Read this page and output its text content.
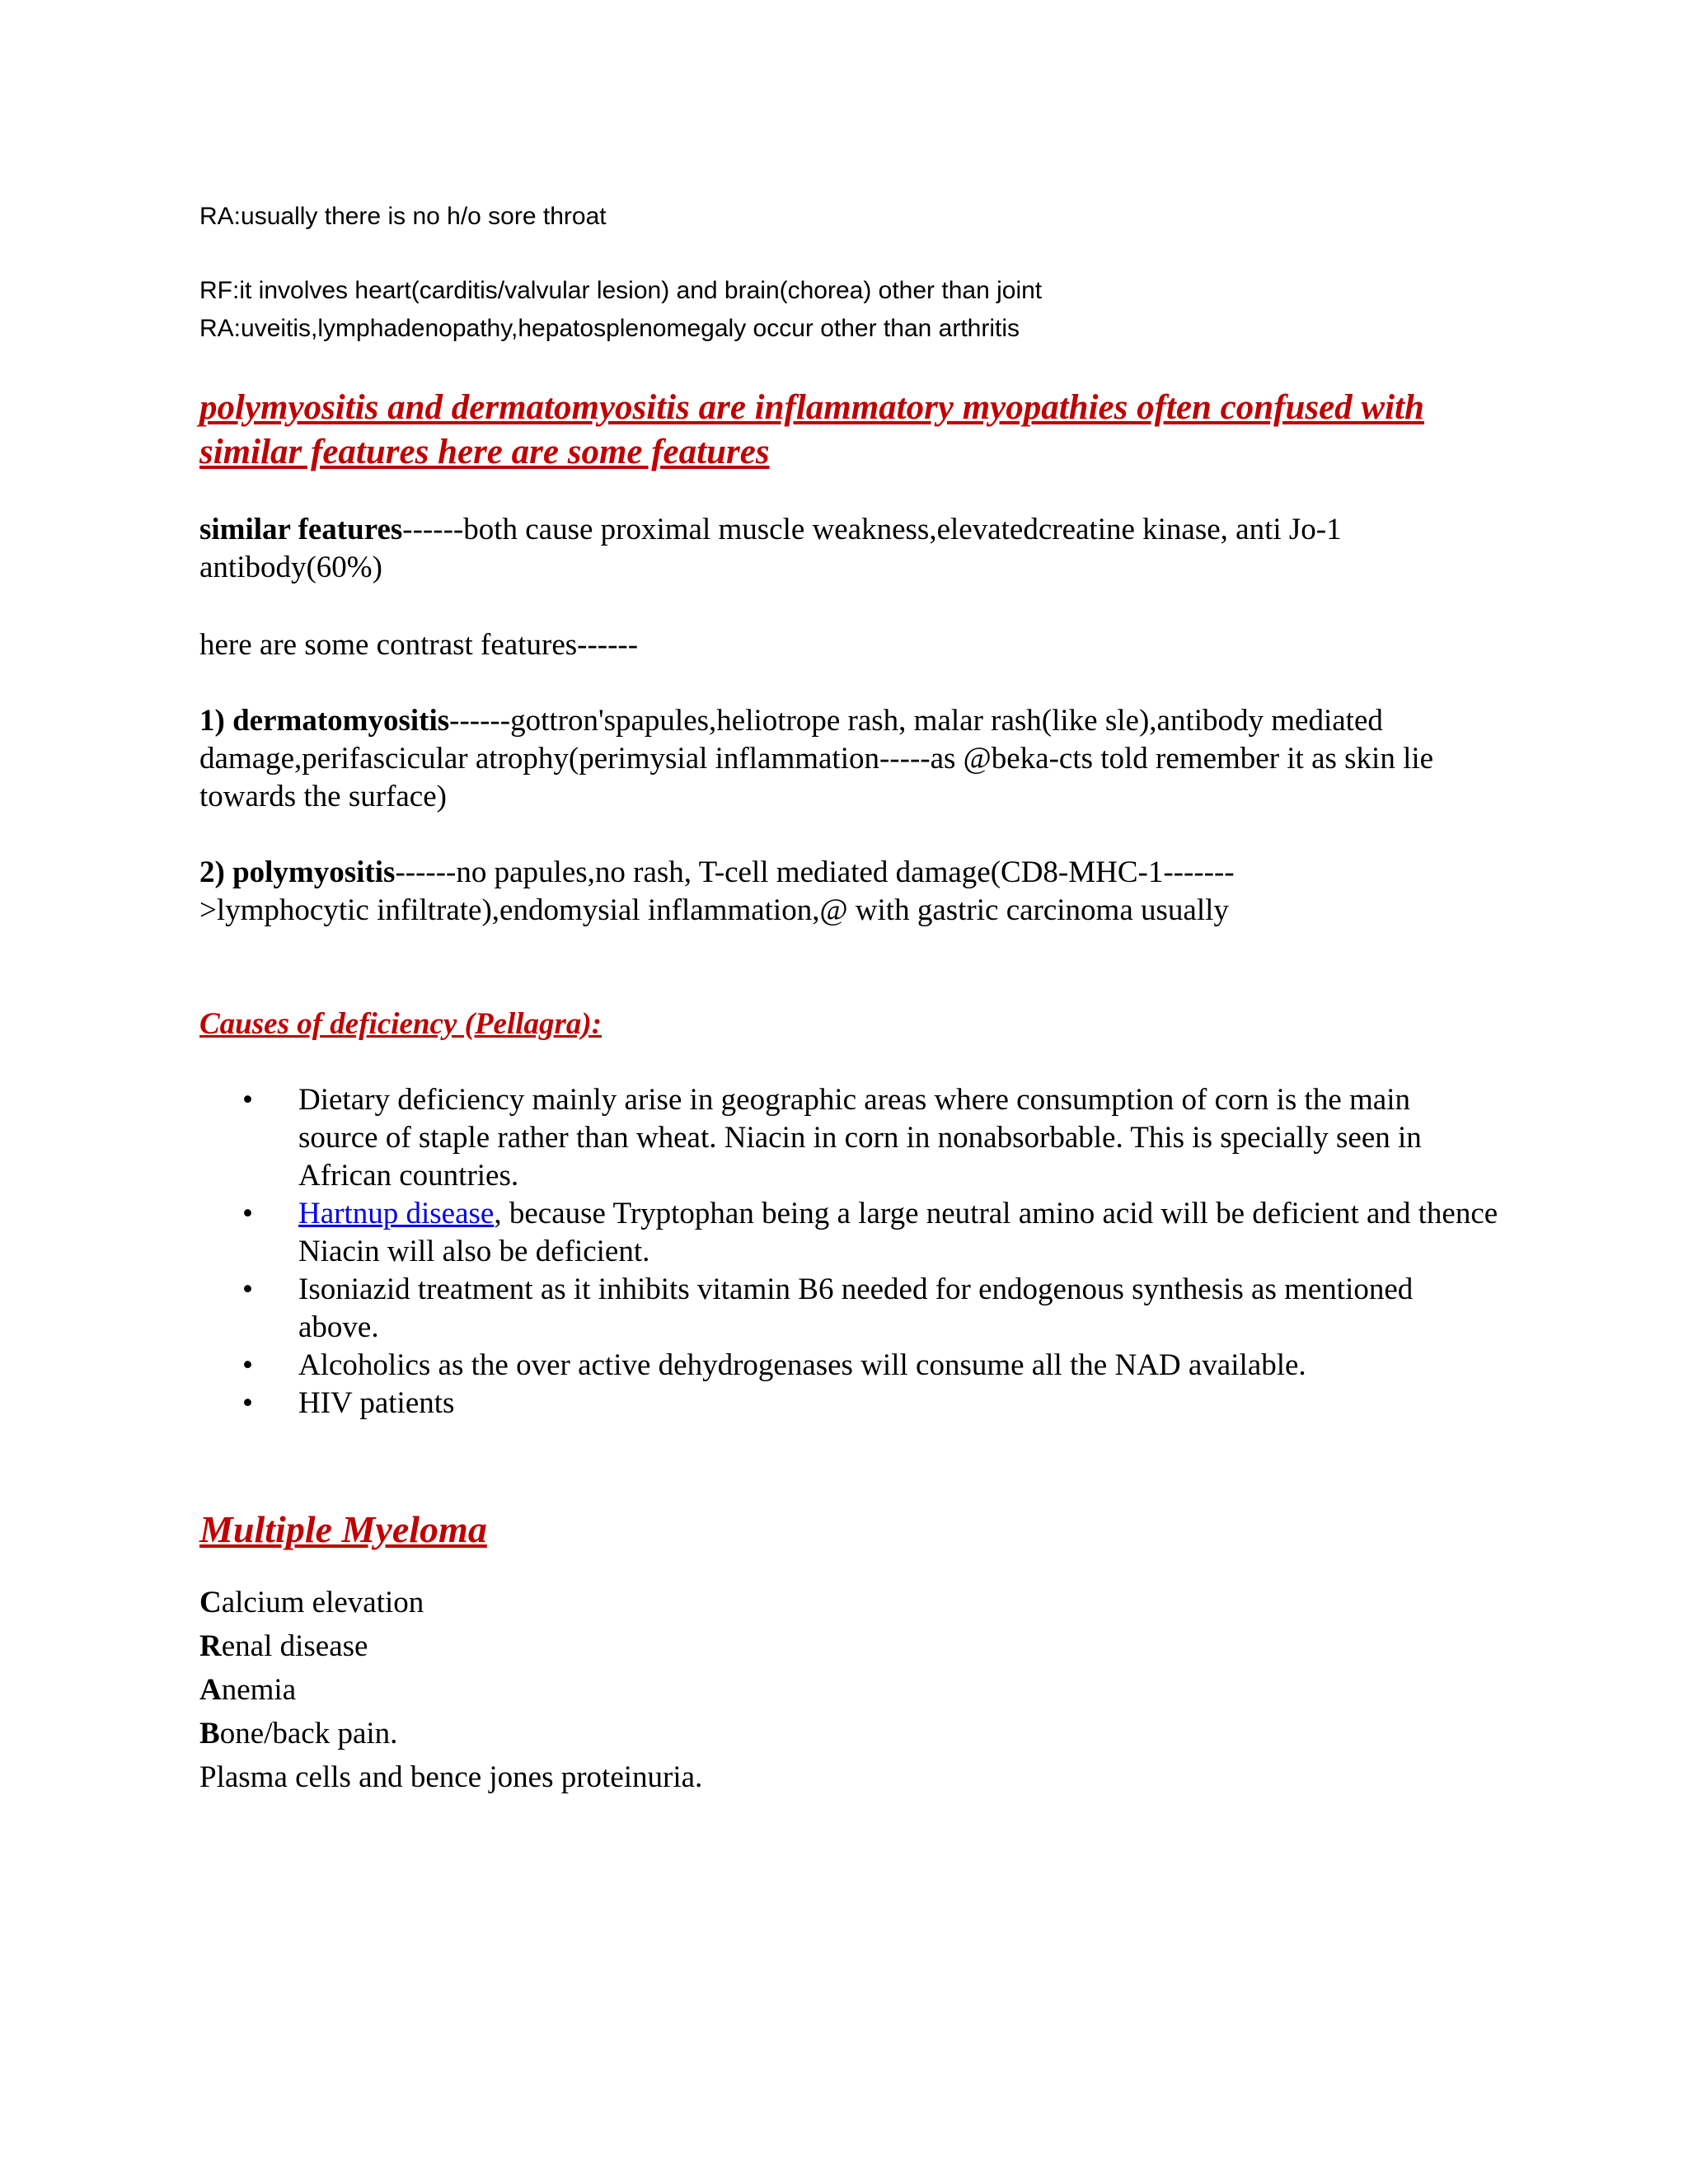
RA:usually there is no h/o sore throat
RF:it involves heart(carditis/valvular lesion) and brain(chorea) other than joint
RA:uveitis,lymphadenopathy,hepatosplenomegaly occur other than arthritis
polymyositis and dermatomyositis are inflammatory myopathies often confused with similar features here are some features
similar features------both cause proximal muscle weakness,elevatedcreatine kinase, anti Jo-1 antibody(60%)
here are some contrast features------
1) dermatomyositis------gottron'spapules,heliotrope rash, malar rash(like sle),antibody mediated damage,perifascicular atrophy(perimysial inflammation-----as @beka-cts told remember it as skin lie towards the surface)
2) polymyositis------no papules,no rash, T-cell mediated damage(CD8-MHC-1------->lymphocytic infiltrate),endomysial inflammation,@ with gastric carcinoma usually
Causes of deficiency (Pellagra):
• Dietary deficiency mainly arise in geographic areas where consumption of corn is the main source of staple rather than wheat. Niacin in corn in nonabsorbable. This is specially seen in African countries.
• Hartnup disease, because Tryptophan being a large neutral amino acid will be deficient and thence Niacin will also be deficient.
• Isoniazid treatment as it inhibits vitamin B6 needed for endogenous synthesis as mentioned above.
• Alcoholics as the over active dehydrogenases will consume all the NAD available.
• HIV patients
Multiple Myeloma
Calcium elevation
Renal disease
Anemia
Bone/back pain.
Plasma cells and bence jones proteinuria.
